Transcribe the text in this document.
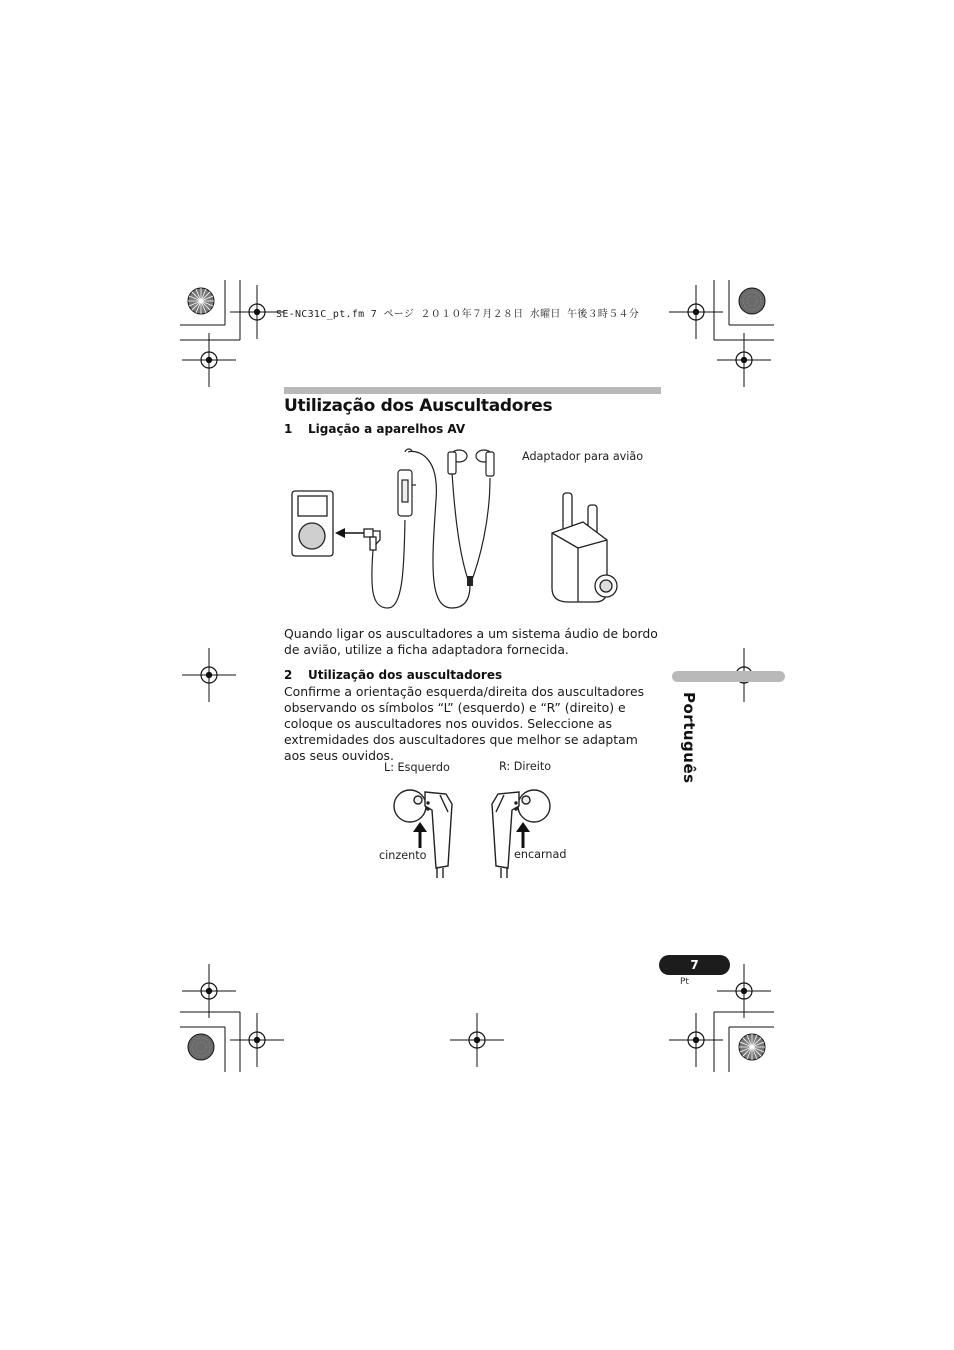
SE-NC31C_pt.fm 7 ページ ２０１０年７月２８日 水曜日 午後３時５４分
Utilização dos Auscultadores
1 Ligação a aparelhos AV
Adaptador para avião
Quando ligar os auscultadores a um sistema áudio de bordo de avião, utilize a ficha adaptadora fornecida.
2 Utilização dos auscultadores
Confirme a orientação esquerda/direita dos auscultadores observando os símbolos “L” (esquerdo) e “R” (direito) e coloque os auscultadores nos ouvidos. Seleccione as extremidades dos auscultadores que melhor se adaptam aos seus ouvidos.
L: Esquerdo	R: Direito
cinzento	encarnad
Português
7
Pt
